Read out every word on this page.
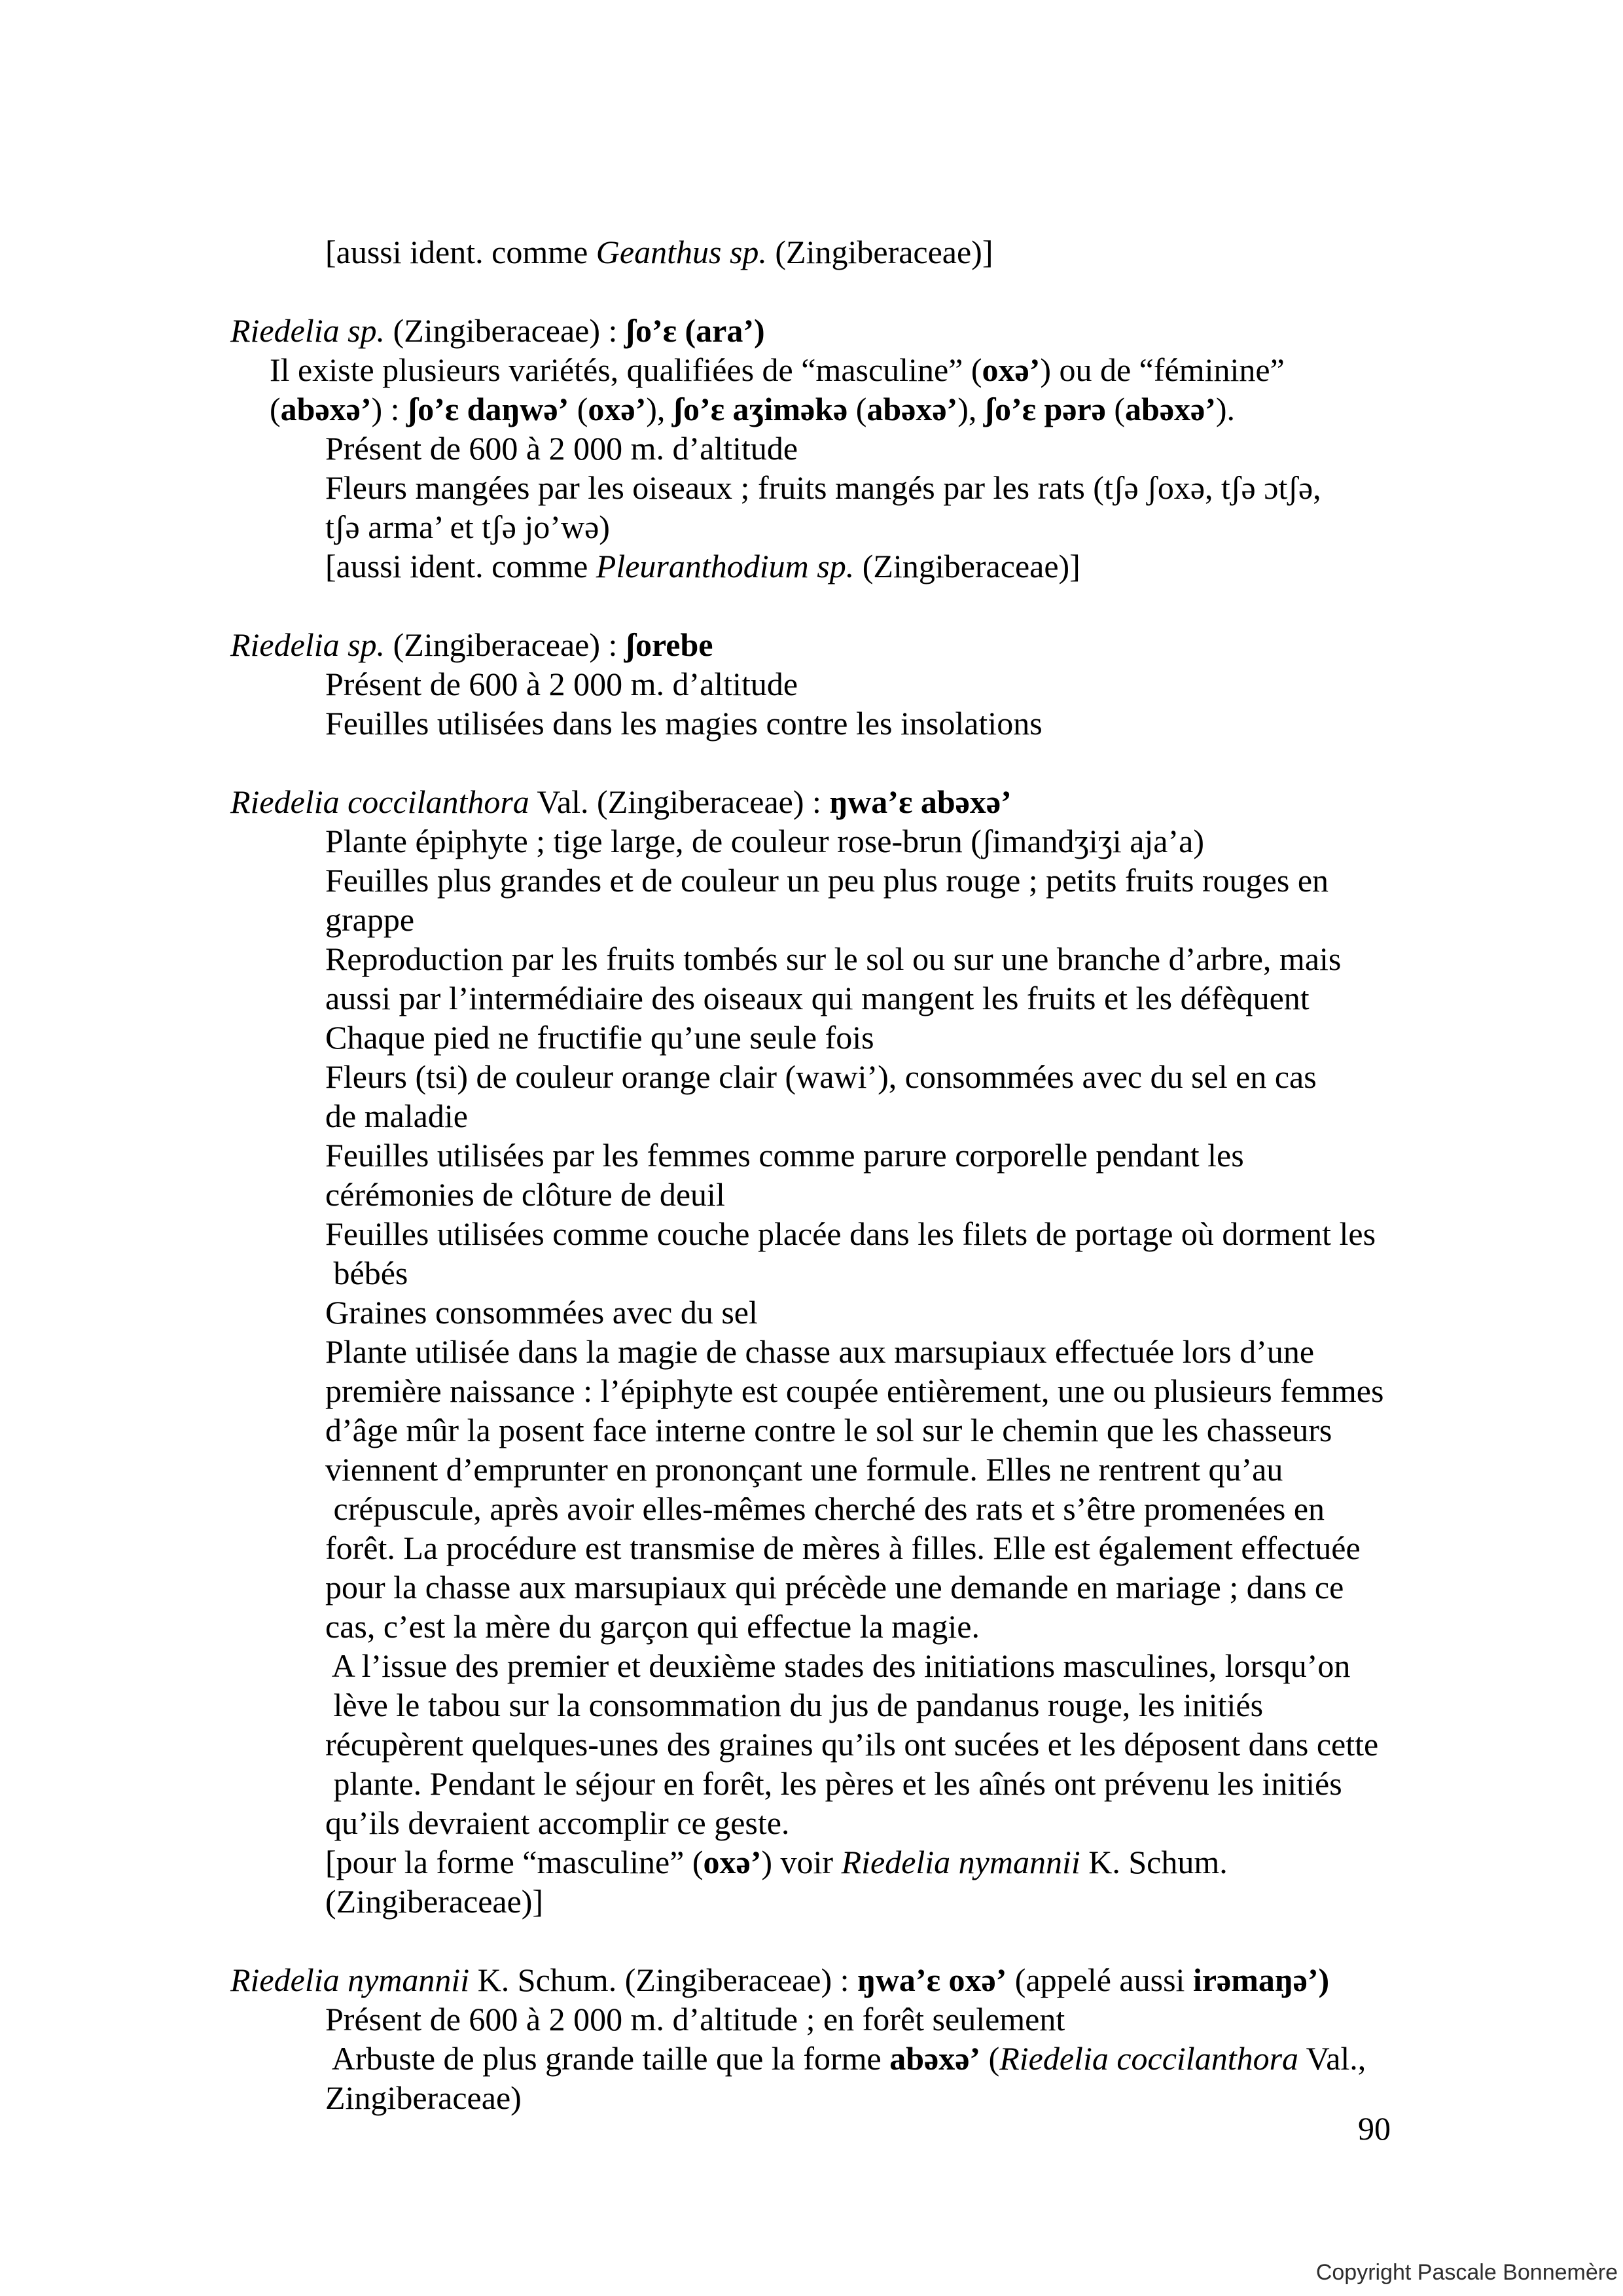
[aussi ident. comme Geanthus sp. (Zingiberaceae)]
Riedelia sp. (Zingiberaceae) : ʃo’ɛ (ara’)
Il existe plusieurs variétés, qualifiées de “masculine” (oxə’) ou de “féminine”
(abəxə’) : ʃo’ɛ daŋwə’ (oxə’), ʃo’ɛ aʒiməkə (abəxə’), ʃo’ɛ pərə (abəxə’).
Présent de 600 à 2 000 m. d’altitude
Fleurs mangées par les oiseaux ; fruits mangés par les rats (tʃə ʃoxə, tʃə ɔtʃə,
tʃə arma’ et tʃə jo’wə)
[aussi ident. comme Pleuranthodium sp. (Zingiberaceae)]
Riedelia sp. (Zingiberaceae) : ʃorebe
Présent de 600 à 2 000 m. d’altitude
Feuilles utilisées dans les magies contre les insolations
Riedelia coccilanthora Val. (Zingiberaceae) : ŋwa’ɛ abəxə’
Plante épiphyte ; tige large, de couleur rose-brun (ʃimandʒiʒi aja’a)
Feuilles plus grandes et de couleur un peu plus rouge ; petits fruits rouges en
grappe
Reproduction par les fruits tombés sur le sol ou sur une branche d’arbre, mais
aussi par l’intermédiaire des oiseaux qui mangent les fruits et les défèquent
Chaque pied ne fructifie qu’une seule fois
Fleurs (tsi) de couleur orange clair (wawi’), consommées avec du sel en cas
de maladie
Feuilles utilisées par les femmes comme parure corporelle pendant les
cérémonies de clôture de deuil
Feuilles utilisées comme couche placée dans les filets de portage où dorment les
bébés
Graines consommées avec du sel
Plante utilisée dans la magie de chasse aux marsupiaux effectuée lors d’une
première naissance : l’épiphyte est coupée entièrement, une ou plusieurs femmes
d’âge mûr la posent face interne contre le sol sur le chemin que les chasseurs
viennent d’emprunter en prononçant une formule. Elles ne rentrent qu’au
crépuscule, après avoir elles-mêmes cherché des rats et s’être promenées en
forêt. La procédure est transmise de mères à filles. Elle est également effectuée
pour la chasse aux marsupiaux qui précède une demande en mariage ; dans ce
cas, c’est la mère du garçon qui effectue la magie.
A l’issue des premier et deuxième stades des initiations masculines, lorsqu’on
lève le tabou sur la consommation du jus de pandanus rouge, les initiés
récupèrent quelques-unes des graines qu’ils ont sucées et les déposent dans cette
plante. Pendant le séjour en forêt, les pères et les aînés ont prévenu les initiés
qu’ils devraient accomplir ce geste.
[pour la forme “masculine” (oxə’) voir Riedelia nymannii K. Schum.
(Zingiberaceae)]
Riedelia nymannii K. Schum. (Zingiberaceae) : ŋwa’ɛ oxə’ (appelé aussi irəmaŋə’)
Présent de 600 à 2 000 m. d’altitude ; en forêt seulement
Arbuste de plus grande taille que la forme abəxə’ (Riedelia coccilanthora Val.,
Zingiberaceae)
90
Copyright Pascale Bonnemère
